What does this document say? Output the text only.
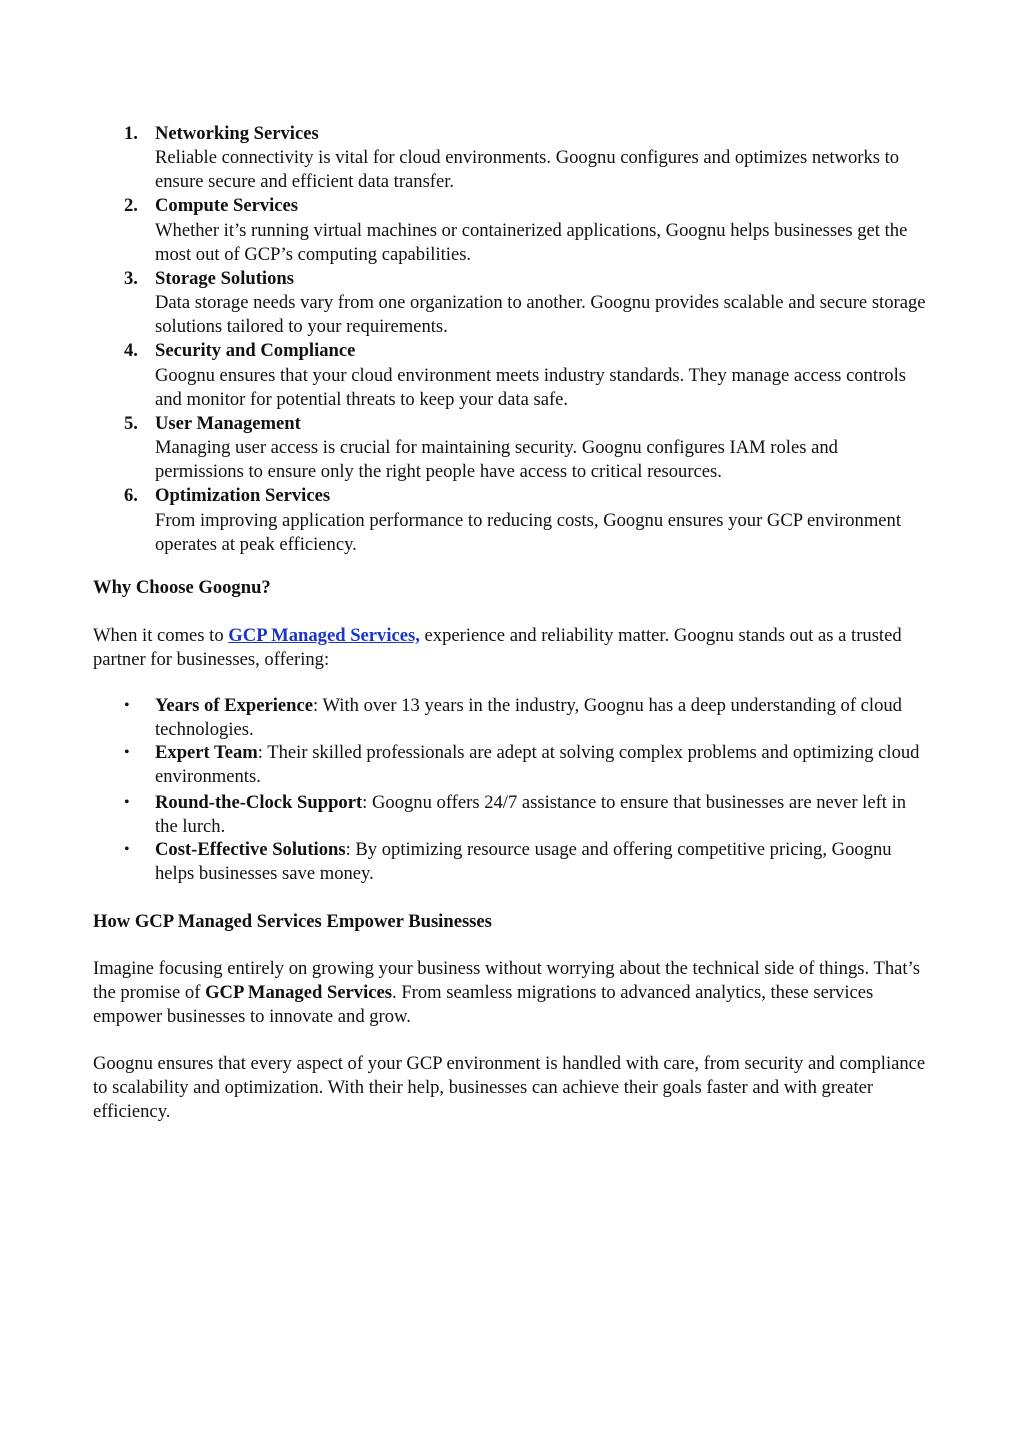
1. Networking Services
Reliable connectivity is vital for cloud environments. Goognu configures and optimizes networks to ensure secure and efficient data transfer.
2. Compute Services
Whether it’s running virtual machines or containerized applications, Goognu helps businesses get the most out of GCP’s computing capabilities.
3. Storage Solutions
Data storage needs vary from one organization to another. Goognu provides scalable and secure storage solutions tailored to your requirements.
4. Security and Compliance
Goognu ensures that your cloud environment meets industry standards. They manage access controls and monitor for potential threats to keep your data safe.
5. User Management
Managing user access is crucial for maintaining security. Goognu configures IAM roles and permissions to ensure only the right people have access to critical resources.
6. Optimization Services
From improving application performance to reducing costs, Goognu ensures your GCP environment operates at peak efficiency.
Why Choose Goognu?
When it comes to GCP Managed Services, experience and reliability matter. Goognu stands out as a trusted partner for businesses, offering:
• Years of Experience: With over 13 years in the industry, Goognu has a deep understanding of cloud technologies.
• Expert Team: Their skilled professionals are adept at solving complex problems and optimizing cloud environments.
• Round-the-Clock Support: Goognu offers 24/7 assistance to ensure that businesses are never left in the lurch.
• Cost-Effective Solutions: By optimizing resource usage and offering competitive pricing, Goognu helps businesses save money.
How GCP Managed Services Empower Businesses
Imagine focusing entirely on growing your business without worrying about the technical side of things. That’s the promise of GCP Managed Services. From seamless migrations to advanced analytics, these services empower businesses to innovate and grow.
Goognu ensures that every aspect of your GCP environment is handled with care, from security and compliance to scalability and optimization. With their help, businesses can achieve their goals faster and with greater efficiency.
